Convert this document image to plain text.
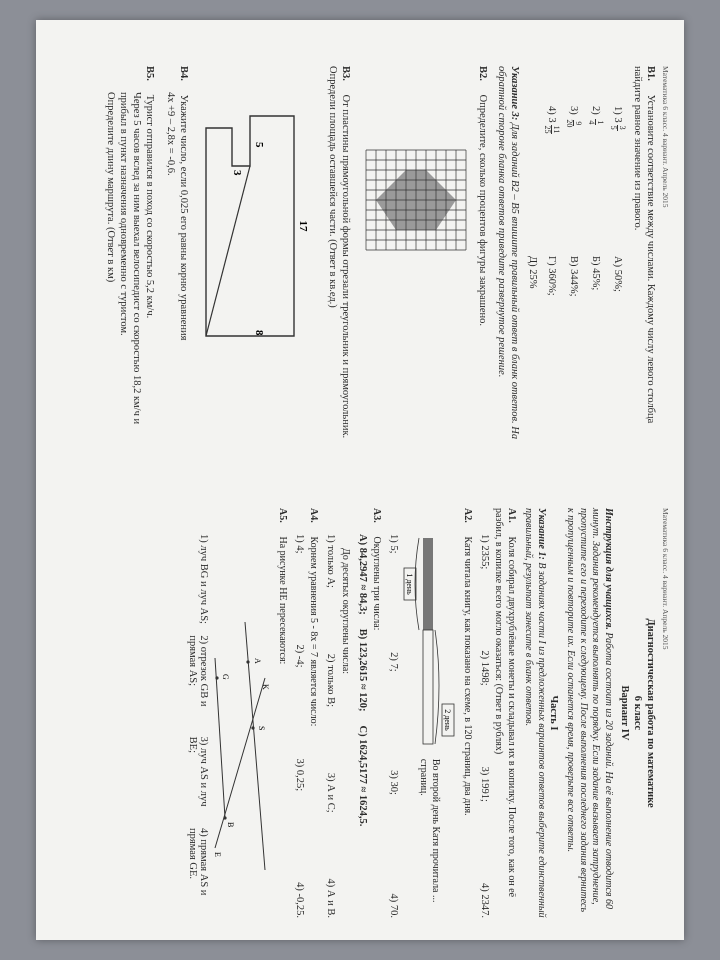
Математика 6 класс. 4 вариант. Апрель 2015
В1. Установите соответствие между числами. Каждому числу левого столбца найдите равное значение из правого.
1) 3
3
5
А) 50%;
2)
1
4
Б) 45%;
3)
9
20
В) 344%;
4) 3
11
25
Г) 360%;
Д) 25%
Указание 3: Для заданий В2 – В5 впишите правильный ответ в бланк ответов. На обратной стороне бланка ответов приведите развернутое решение.
В2. Определите, сколько процентов фигуры закрашено.
В3. От пластины прямоугольной формы отрезали треугольник и прямоугольник. Определи площадь оставшейся части. (Ответ в кв.ед.)
17
8
5
3
В4. Укажите число, если 0,025 его равны корню уравнения
4x +9 – 2,8x = -0,6.
В5. Турист отправился в поход со скоростью 5,2 км/ч.
Через 5 часов вслед за ним выехал велосипедист со скоростью 18,2 км/ч и
прибыл в пункт назначения одновременно с туристом.
Определите длину маршрута. (Ответ в км)
Математика 6 класс. 4 вариант. Апрель 2015
Диагностическая работа по математике
6 класс
Вариант IV
Инструкция для учащихся. Работа состоит из 20 заданий. На её выполнение отводится 60 минут. Задания рекомендуется выполнять по порядку. Если задание вызывает затруднение, пропустите его и переходите к следующему. После выполнения последнего задания вернитесь к пропущенным и повторите их. Если останется время, проверьте все ответы.
Часть I
Указание 1: В заданиях части I из предложенных вариантов ответов выберите единственный правильный, результат занесите в бланк ответов.
А1. Коля собирал двухрублёвые монеты и складывал их в копилку. После того, как он её разбил, в копилке всего могло оказаться: (Ответ в рублях)
1) 2355;
2) 1498;
3) 1991;
4) 2347.
А2. Катя читала книгу, как показано на схеме, в 120 страниц, два дня.
2 день
1 день
Во второй день Катя прочитала ... страниц.
1) 5;
2) 7;
3) 30;
4) 70.
А3. Округлены три числа:
A) 84,2947 ≈ 84,3;
B) 123,2615 ≈ 120;
C) 1624,5177 ≈ 1624,5.
До десятых округлены числа:
1) только А;
2) только В;
3) А и С;
4) А и В.
А4. Корнем уравнения 5 - 8x = 7 является число:
1) 4;
2) -4;
3) 0,25;
4) -0,25.
А5. На рисунке НЕ пересекаются:
A
S
K
B
E
G
1) луч BG и луч AS;
2) отрезок GB и прямая AS;
3) луч AS и луч BE;
4) прямая AS и прямая GE.
